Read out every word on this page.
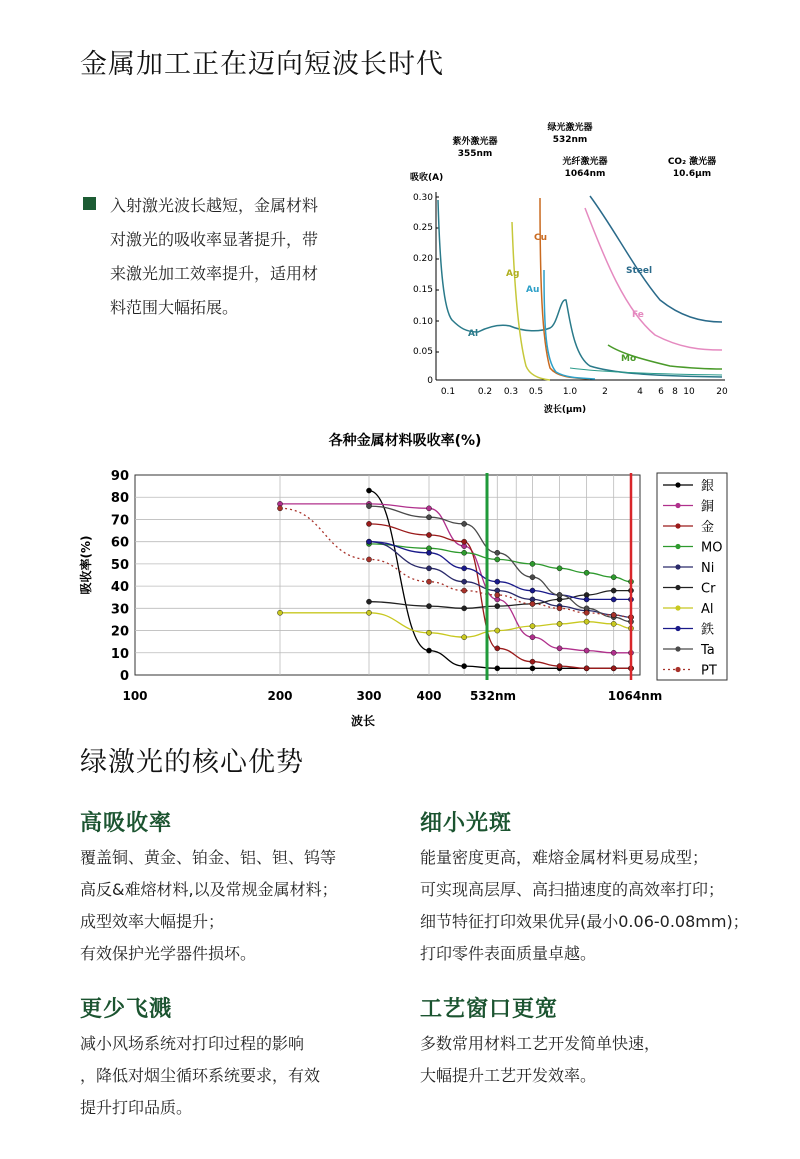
金属加工正在迈向短波长时代
入射激光波长越短，金属材料
对激光的吸收率显著提升，带
来激光加工效率提升，适用材
料范围大幅拓展。
紫外激光器
355nm
绿光激光器
532nm
光纤激光器
1064nm
CO₂ 激光器
10.6μm
吸收(A)
0.30
0.25
0.20
0.15
0.10
0.05
0
0.1	0.2 0.3 0.5 1.0	2	4 6 8 10 20
波长(μm)
Al
Ag
Cu
Au
Steel
Fe
Mo
各种金属材料吸收率(%)
0
10
20
30
40
50
60
70
80
90
吸收率(%)
100	200	300	400 532nm	1064nm
波长
銀
銅
金
MO
Ni
Cr
Al
鉄
Ta
PT
绿激光的核心优势
高吸收率
覆盖铜、黄金、铂金、铝、钽、钨等
高反&难熔材料,以及常规金属材料；
成型效率大幅提升；
有效保护光学器件损坏。
细小光斑
能量密度更高，难熔金属材料更易成型；
可实现高层厚、高扫描速度的高效率打印；
细节特征打印效果优异(最小0.06-0.08mm)；
打印零件表面质量卓越。
更少飞溅
减小风场系统对打印过程的影响
，降低对烟尘循环系统要求，有效
提升打印品质。
工艺窗口更宽
多数常用材料工艺开发简单快速，
大幅提升工艺开发效率。
